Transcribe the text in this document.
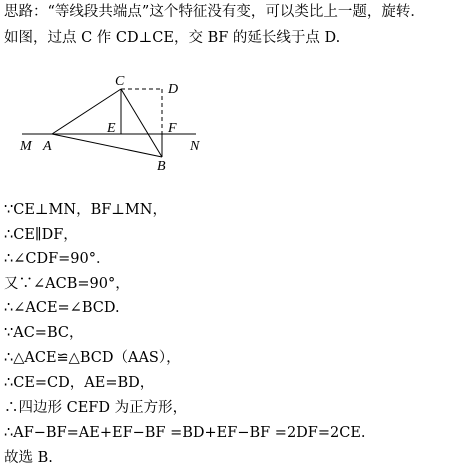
思路：“等线段共端点”这个特征没有变，可以类比上一题，旋转．
如图，过点 C 作 CD⊥CE，交 BF 的延长线于点 D.
C
D
E	F
M A	N
B
∵CE⊥MN，BF⊥MN，
∴CE∥DF，
∴∠CDF=90°．
又∵∠ACB=90°，
∴∠ACE=∠BCD.
∵AC=BC，
∴△ACE≌△BCD（AAS），
∴CE=CD，AE=BD，
∴四边形 CEFD 为正方形，
∴AF−BF=AE+EF−BF =BD+EF−BF =2DF=2CE.
故选 B.
